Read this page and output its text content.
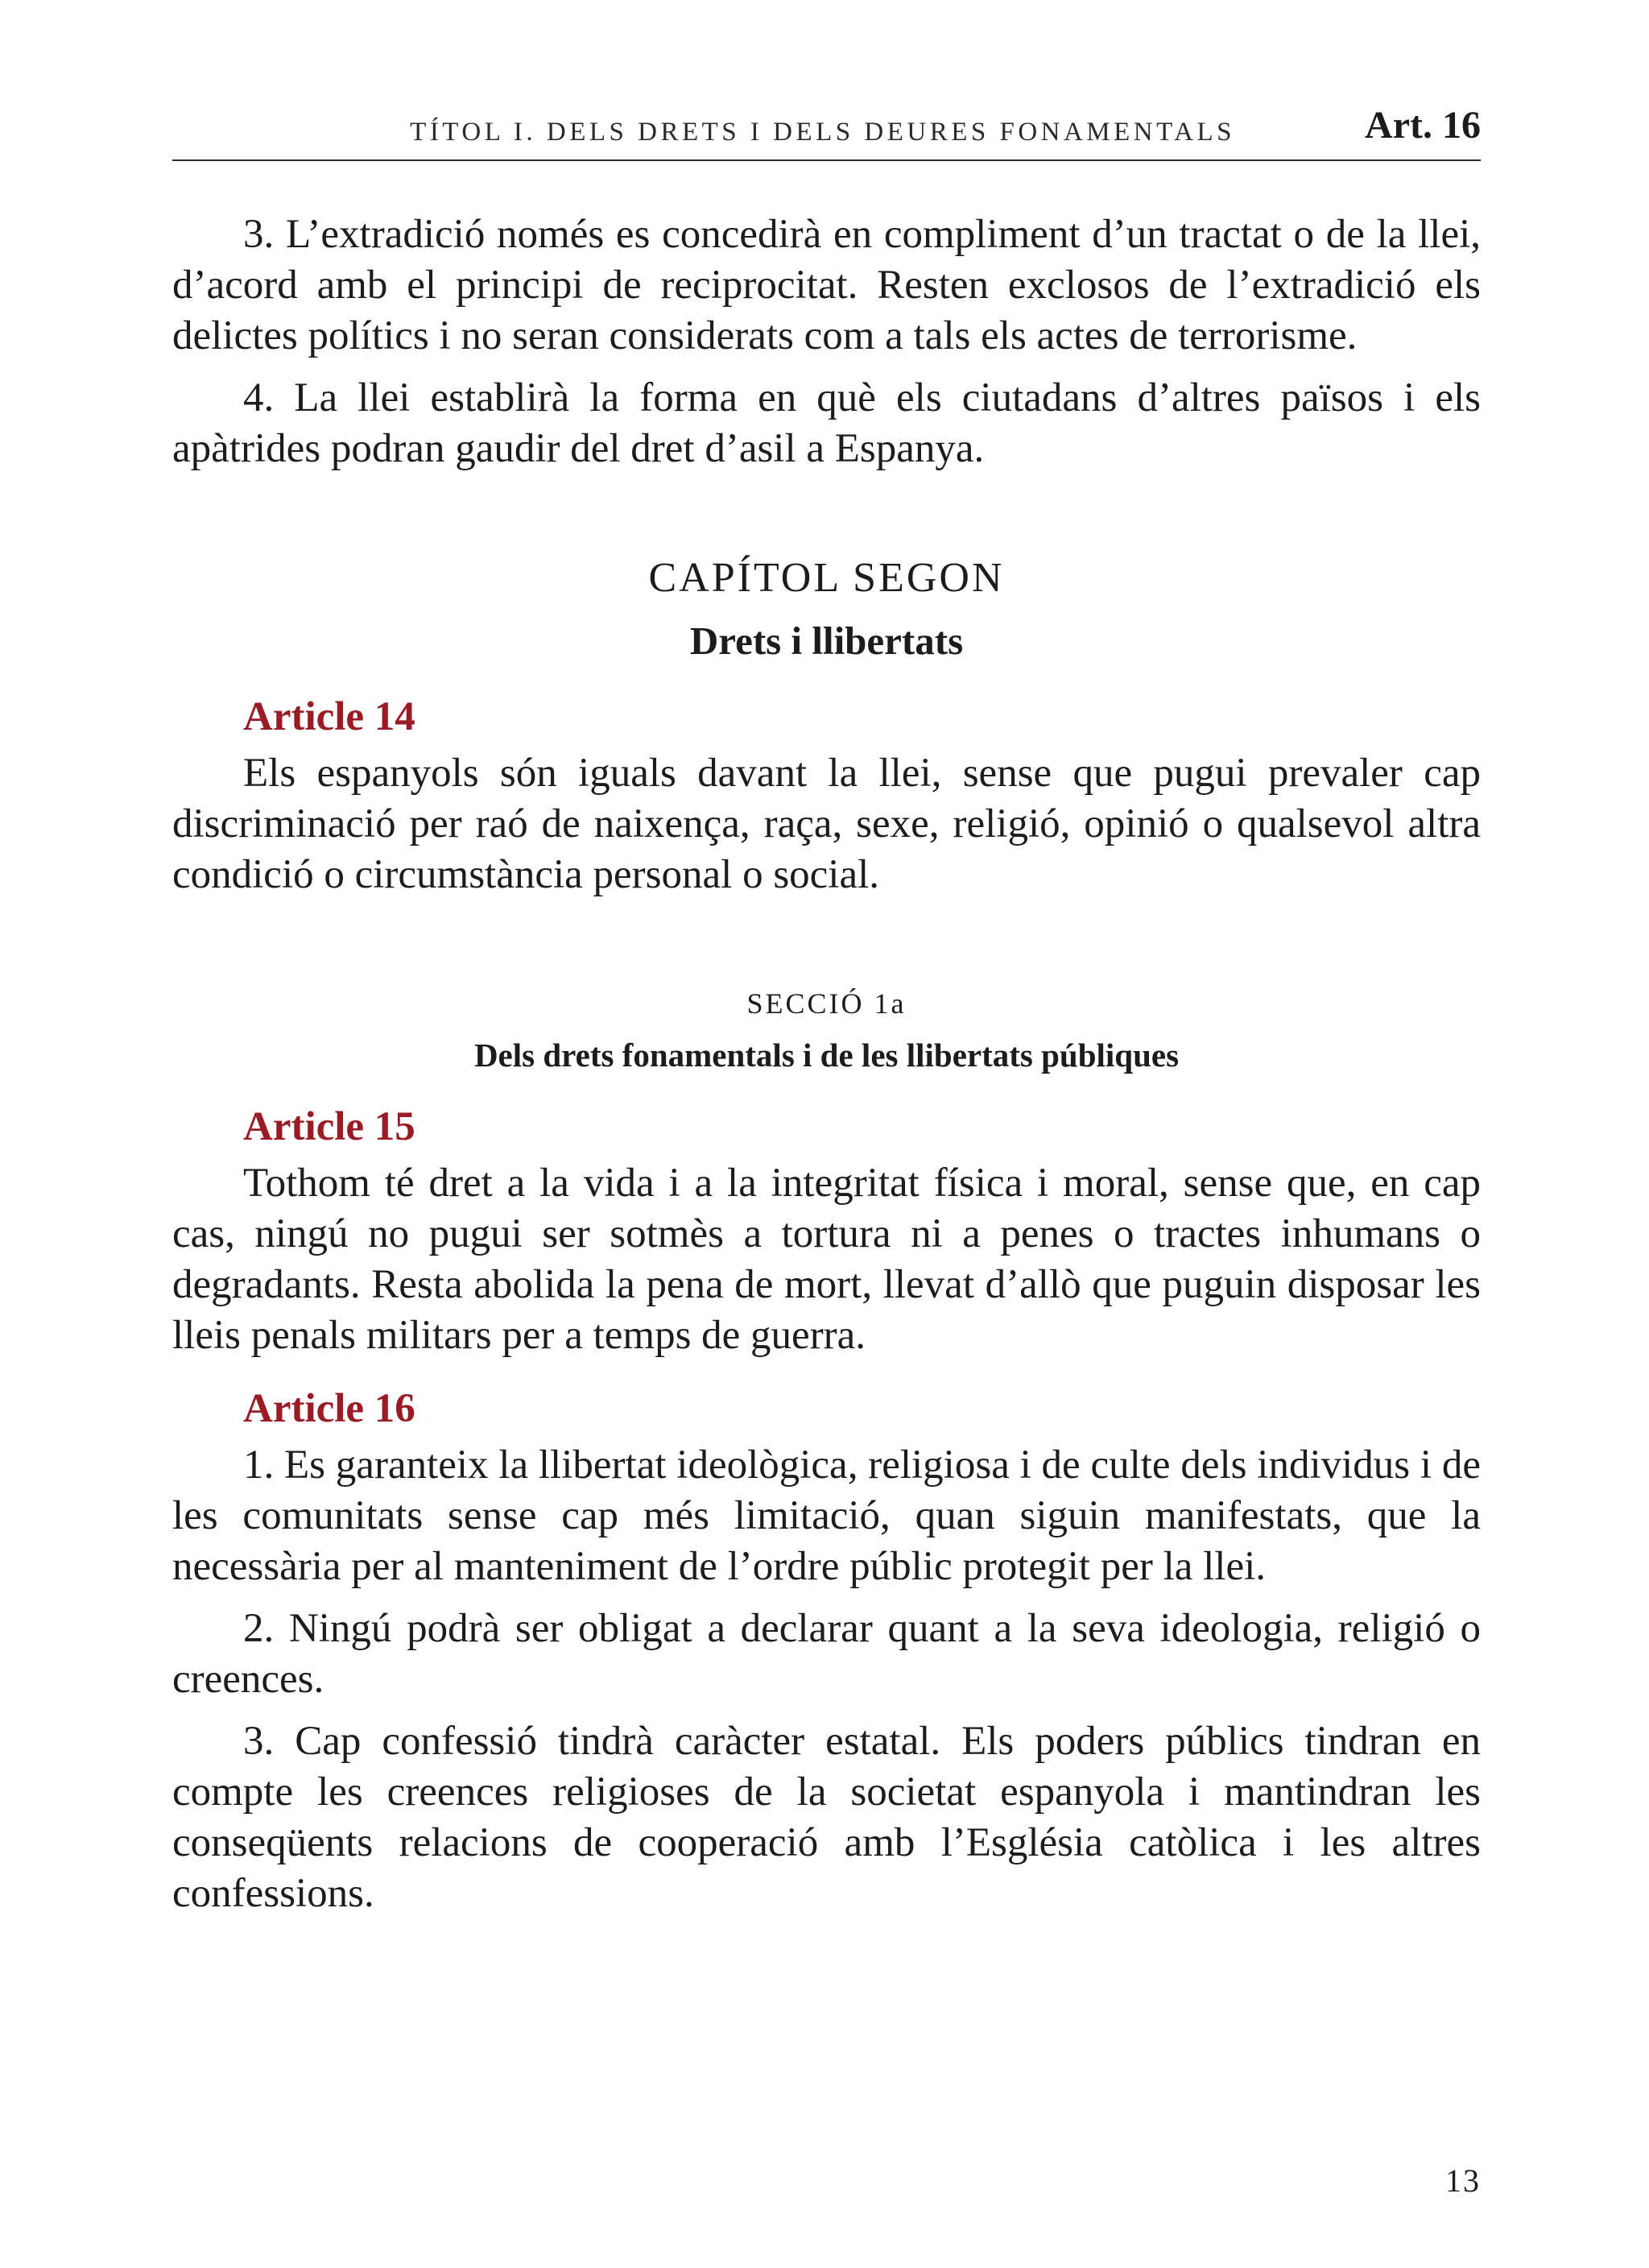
TÍTOL I. DELS DRETS I DELS DEURES FONAMENTALS	Art. 16

3. L’extradició només es concedirà en compliment d’un tractat o de la llei, d’acord amb el principi de reciprocitat. Resten exclosos de l’extradició els delictes polítics i no seran considerats com a tals els actes de terrorisme.

4. La llei establirà la forma en què els ciutadans d’altres països i els apàtrides podran gaudir del dret d’asil a Espanya.

CAPÍTOL SEGON
Drets i llibertats
Article 14

Els espanyols són iguals davant la llei, sense que pugui prevaler cap discriminació per raó de naixença, raça, sexe, religió, opinió o qualsevol altra condició o circumstància personal o social.

SECCIÓ 1a
Dels drets fonamentals i de les llibertats públiques
Article 15

Tothom té dret a la vida i a la integritat física i moral, sense que, en cap cas, ningú no pugui ser sotmès a tortura ni a penes o tractes inhumans o degradants. Resta abolida la pena de mort, llevat d’allò que puguin disposar les lleis penals militars per a temps de guerra.

Article 16

1. Es garanteix la llibertat ideològica, religiosa i de culte dels individus i de les comunitats sense cap més limitació, quan siguin manifestats, que la necessària per al manteniment de l’ordre públic protegit per la llei.

2. Ningú podrà ser obligat a declarar quant a la seva ideologia, religió o creences.

3. Cap confessió tindrà caràcter estatal. Els poders públics tindran en compte les creences religioses de la societat espanyola i mantindran les conseqüents relacions de cooperació amb l’Església catòlica i les altres confessions.

13
